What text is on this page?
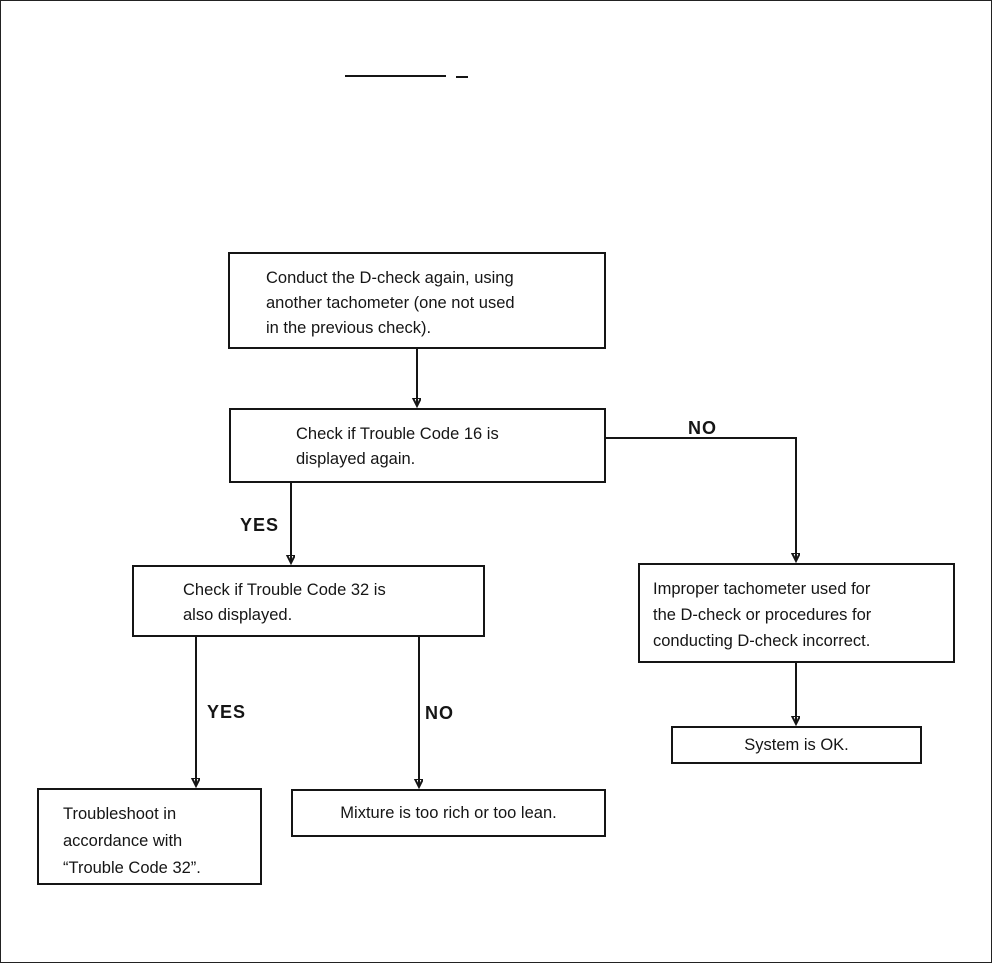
Conduct the D-check again, using
another tachometer (one not used
in the previous check).
Check if Trouble Code 16 is
displayed again.
Improper tachometer used for
the D-check or procedures for
conducting D-check incorrect.
System is OK.
Check if Trouble Code 32 is
also displayed.
Troubleshoot in
accordance with
“Trouble Code 32”.
Mixture is too rich or too lean.
NO
YES
YES	NO
